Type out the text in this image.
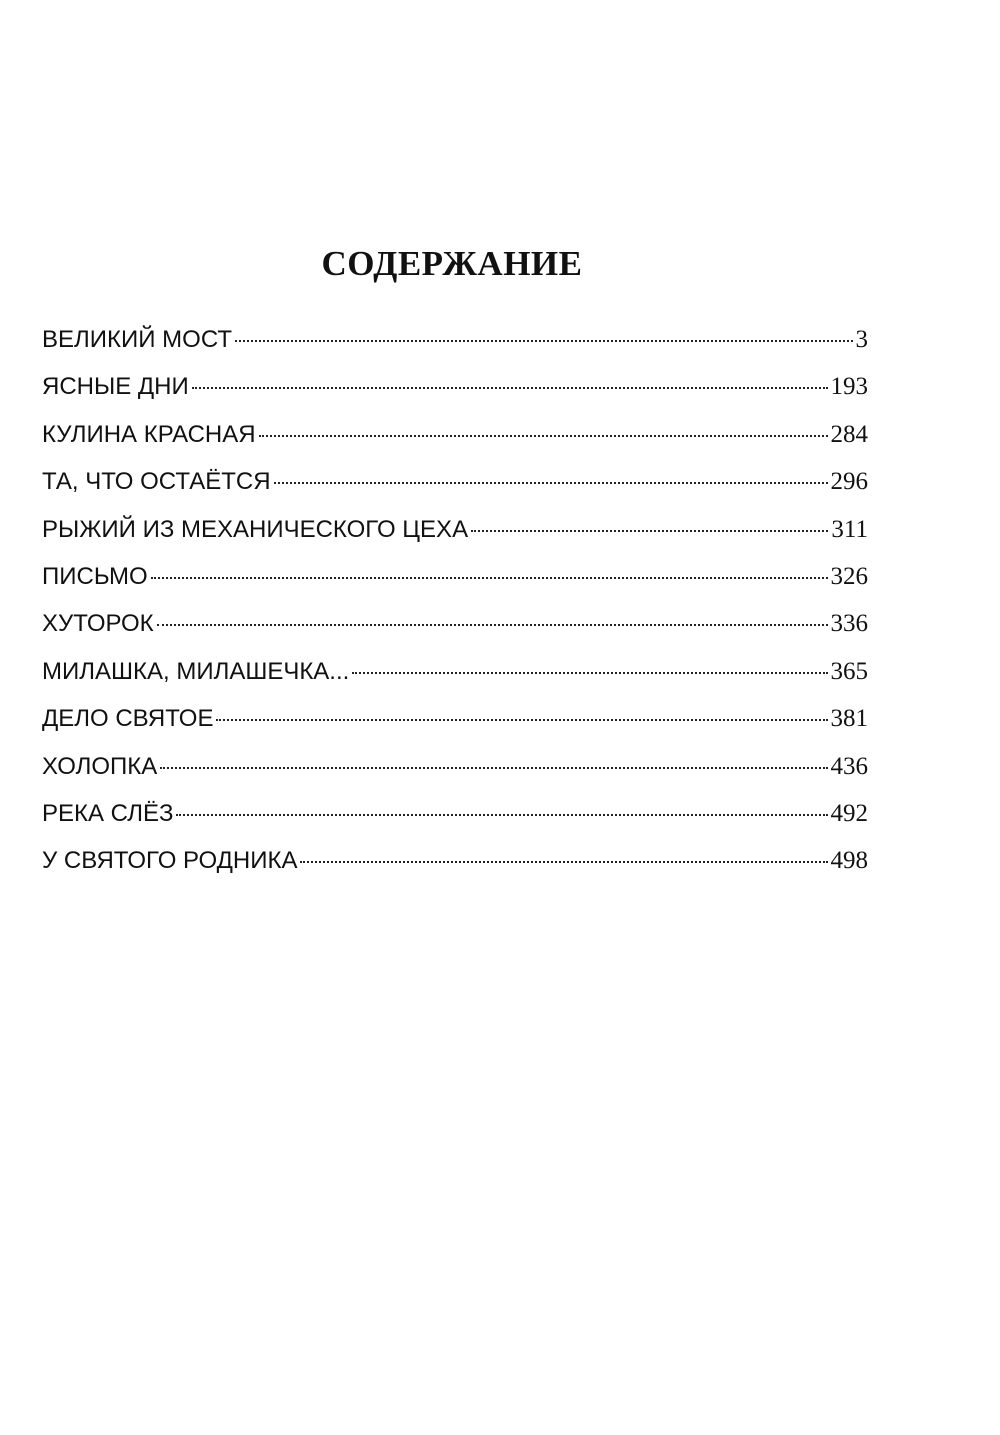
СОДЕРЖАНИЕ
ВЕЛИКИЙ МОСТ	3
ЯСНЫЕ ДНИ	193
КУЛИНА КРАСНАЯ	284
ТА, ЧТО ОСТАЁТСЯ	296
РЫЖИЙ ИЗ МЕХАНИЧЕСКОГО ЦЕХА	311
ПИСЬМО	326
ХУТОРОК	336
МИЛАШКА, МИЛАШЕЧКА...	365
ДЕЛО СВЯТОЕ	381
ХОЛОПКА	436
РЕКА СЛЁЗ	492
У СВЯТОГО РОДНИКА	498
